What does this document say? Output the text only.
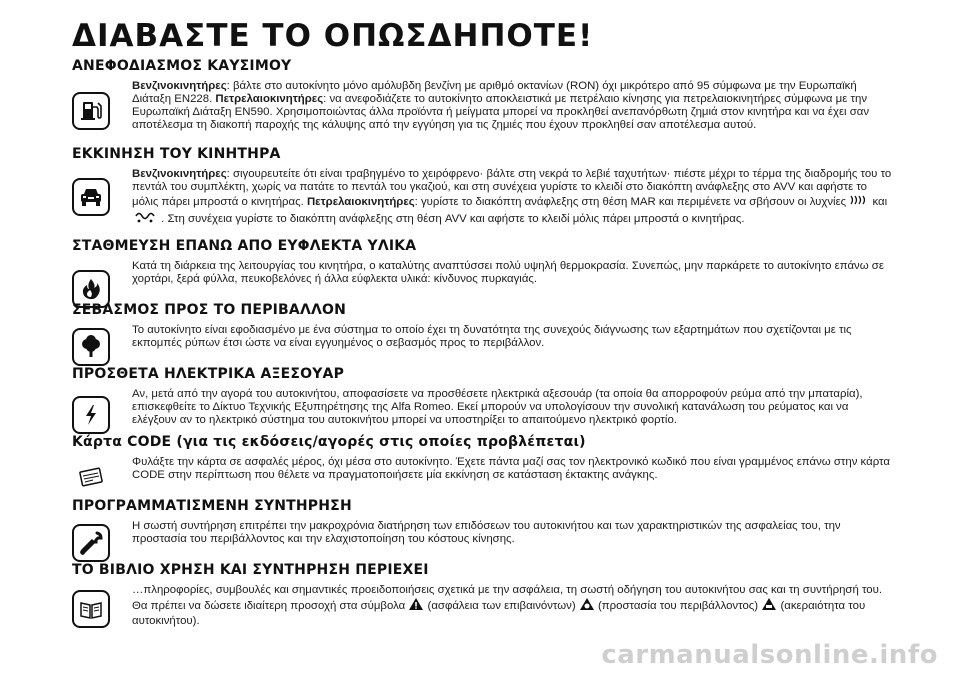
ΔΙΑΒΑΣΤΕ ΤΟ ΟΠΩΣΔΗΠΟΤΕ!
ΑΝΕΦΟΔΙΑΣΜΟΣ ΚΑΥΣΙΜΟΥ
Βενζινοκινητήρες: βάλτε στο αυτοκίνητο μόνο αμόλυβδη βενζίνη με αριθμό οκτανίων (RON) όχι μικρότερο από 95 σύμφωνα με την Ευρωπαϊκή Διάταξη EN228. Πετρελαιοκινητήρες: να ανεφοδιάζετε το αυτοκίνητο αποκλειστικά με πετρέλαιο κίνησης για πετρελαιοκινητήρες σύμφωνα με την Ευρωπαϊκή Διάταξη EN590. Χρησιμοποιώντας άλλα προϊόντα ή μείγματα μπορεί να προκληθεί ανεπανόρθωτη ζημιά στον κινητήρα και να έχει σαν αποτέλεσμα τη διακοπή παροχής της κάλυψης από την εγγύηση για τις ζημιές που έχουν προκληθεί σαν αποτέλεσμα αυτού.
ΕΚΚΙΝΗΣΗ ΤΟΥ ΚΙΝΗΤΗΡΑ
Βενζινοκινητήρες: σιγουρευτείτε ότι είναι τραβηγμένο το χειρόφρενο· βάλτε στη νεκρά το λεβιέ ταχυτήτων· πιέστε μέχρι το τέρμα της διαδρομής του το πεντάλ του συμπλέκτη, χωρίς να πατάτε το πεντάλ του γκαζιού, και στη συνέχεια γυρίστε το κλειδί στο διακόπτη ανάφλεξης στο AVV και αφήστε το μόλις πάρει μπροστά ο κινητήρας. Πετρελαιοκινητήρες: γυρίστε το διακόπτη ανάφλεξης στη θέση MAR και περιμένετε να σβήσουν οι λυχνίες και  . Στη συνέχεια γυρίστε το διακόπτη ανάφλεξης στη θέση AVV και αφήστε το κλειδί μόλις πάρει μπροστά ο κινητήρας.
ΣΤΑΘΜΕΥΣΗ ΕΠΑΝΩ ΑΠΟ ΕΥΦΛΕΚΤΑ ΥΛΙΚΑ
Κατά τη διάρκεια της λειτουργίας του κινητήρα, ο καταλύτης αναπτύσσει πολύ υψηλή θερμοκρασία. Συνεπώς, μην παρκάρετε το αυτοκίνητο επάνω σε χορτάρι, ξερά φύλλα, πευκοβελόνες ή άλλα εύφλεκτα υλικά: κίνδυνος πυρκαγιάς.
ΣΕΒΑΣΜΟΣ ΠΡΟΣ ΤΟ ΠΕΡΙΒΑΛΛΟΝ
Το αυτοκίνητο είναι εφοδιασμένο με ένα σύστημα το οποίο έχει τη δυνατότητα της συνεχούς διάγνωσης των εξαρτημάτων που σχετίζονται με τις εκπομπές ρύπων έτσι ώστε να είναι εγγυημένος ο σεβασμός προς το περιβάλλον.
ΠΡΟΣΘΕΤΑ ΗΛΕΚΤΡΙΚΑ ΑΞΕΣΟΥΑΡ
Αν, μετά από την αγορά του αυτοκινήτου, αποφασίσετε να προσθέσετε ηλεκτρικά αξεσουάρ (τα οποία θα απορροφούν ρεύμα από την μπαταρία), επισκεφθείτε το Δίκτυο Τεχνικής Εξυπηρέτησης της Alfa Romeo. Εκεί μπορούν να υπολογίσουν την συνολική κατανάλωση του ρεύματος και να ελέγξουν αν το ηλεκτρικό σύστημα του αυτοκινήτου μπορεί να υποστηρίξει το απαιτούμενο ηλεκτρικό φορτίο.
Κάρτα CODE (για τις εκδόσεις/αγορές στις οποίες προβλέπεται)
Φυλάξτε την κάρτα σε ασφαλές μέρος, όχι μέσα στο αυτοκίνητο. Έχετε πάντα μαζί σας τον ηλεκτρονικό κωδικό που είναι γραμμένος επάνω στην κάρτα CODE στην περίπτωση που θέλετε να πραγματοποιήσετε μία εκκίνηση σε κατάσταση έκτακτης ανάγκης.
ΠΡΟΓΡΑΜΜΑΤΙΣΜΕΝΗ ΣΥΝΤΗΡΗΣΗ
Η σωστή συντήρηση επιτρέπει την μακροχρόνια διατήρηση των επιδόσεων του αυτοκινήτου και των χαρακτηριστικών της ασφαλείας του, την προστασία του περιβάλλοντος και την ελαχιστοποίηση του κόστους κίνησης.
ΤΟ ΒΙΒΛΙΟ ΧΡΗΣΗ ΚΑΙ ΣΥΝΤΗΡΗΣΗ ΠΕΡΙΕΧΕΙ
…πληροφορίες, συμβουλές και σημαντικές προειδοποιήσεις σχετικά με την ασφάλεια, τη σωστή οδήγηση του αυτοκινήτου σας και τη συντήρησή του. Θα πρέπει να δώσετε ιδιαίτερη προσοχή στα σύμβολα (ασφάλεια των επιβαινόντων) (προστασία του περιβάλλοντος) (ακεραιότητα του αυτοκινήτου).
carmanualsonline.info
